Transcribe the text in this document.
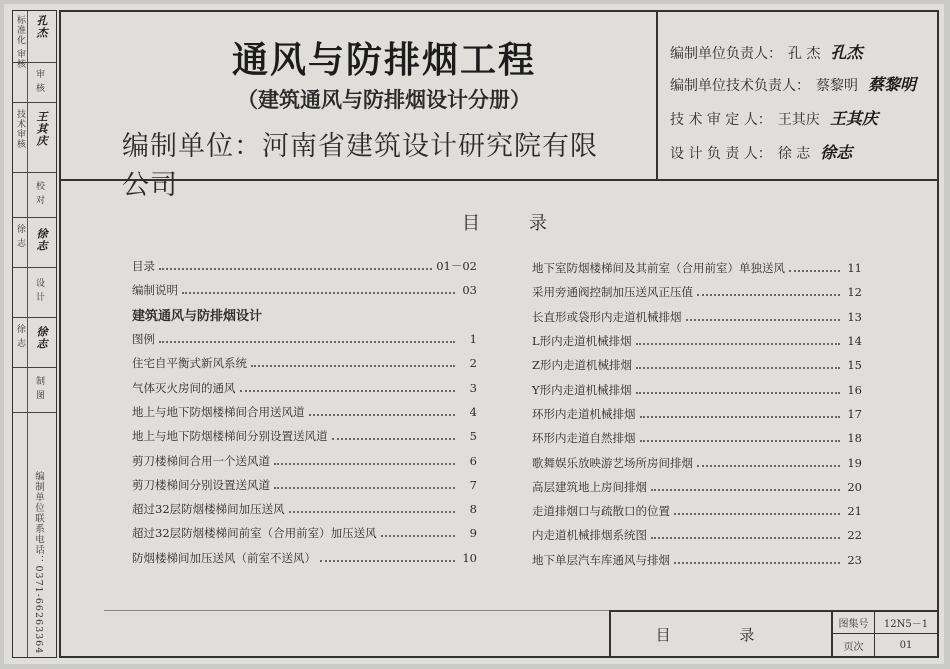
标准化 审核 孔杰
审 核
技术审核 王其庆
校 对
徐 志 徐志
设 计
徐 志 徐志
制 图
编制单位联系电话：0371-66263364
通风与防排烟工程
（建筑通风与防排烟设计分册）
编制单位：河南省建筑设计研究院有限公司
编制单位负责人： 孔 杰 孔杰
编制单位技术负责人： 蔡黎明 蔡黎明
技 术 审 定 人： 王其庆 王其庆
设 计 负 责 人： 徐 志 徐志
目	录
目录	01－02
编制说明	03
建筑通风与防排烟设计
图例	1
住宅自平衡式新风系统	2
气体灭火房间的通风	3
地上与地下防烟楼梯间合用送风道	4
地上与地下防烟楼梯间分别设置送风道	5
剪刀楼梯间合用一个送风道	6
剪刀楼梯间分别设置送风道	7
超过32层防烟楼梯间加压送风	8
超过32层防烟楼梯间前室（合用前室）加压送风	9
防烟楼梯间加压送风（前室不送风）	10
地下室防烟楼梯间及其前室（合用前室）单独送风	11
采用旁通阀控制加压送风正压值	12
长直形或袋形内走道机械排烟	13
L形内走道机械排烟	14
Z形内走道机械排烟	15
Y形内走道机械排烟	16
环形内走道机械排烟	17
环形内走道自然排烟	18
歌舞娱乐放映游艺场所房间排烟	19
高层建筑地上房间排烟	20
走道排烟口与疏散口的位置	21
内走道机械排烟系统图	22
地下单层汽车库通风与排烟	23
目 录
图集号	12N5－1
页次	01
